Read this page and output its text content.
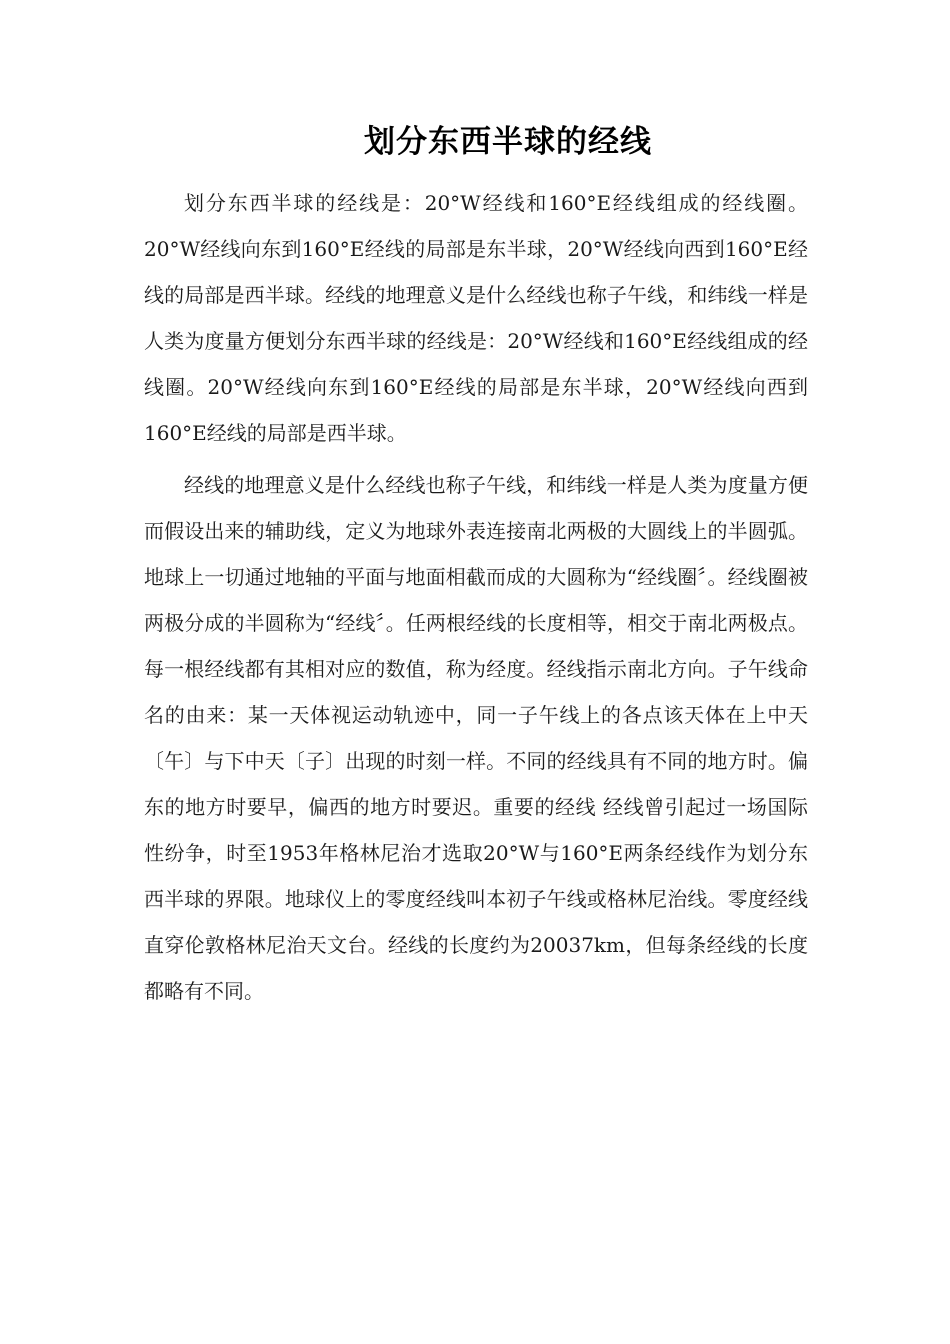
划分东西半球的经线

划分东西半球的经线是：20°W经线和160°E经线组成的经线圈。20°W经线向东到160°E经线的局部是东半球，20°W经线向西到160°E经线的局部是西半球。经线的地理意义是什么经线也称子午线，和纬线一样是人类为度量方便划分东西半球的经线是：20°W经线和160°E经线组成的经线圈。20°W经线向东到160°E经线的局部是东半球，20°W经线向西到160°E经线的局部是西半球。

经线的地理意义是什么经线也称子午线，和纬线一样是人类为度量方便而假设出来的辅助线，定义为地球外表连接南北两极的大圆线上的半圆弧。地球上一切通过地轴的平面与地面相截而成的大圆称为“经线圈〞。经线圈被两极分成的半圆称为“经线〞。任两根经线的长度相等，相交于南北两极点。每一根经线都有其相对应的数值，称为经度。经线指示南北方向。子午线命名的由来：某一天体视运动轨迹中，同一子午线上的各点该天体在上中天〔午〕与下中天〔子〕出现的时刻一样。不同的经线具有不同的地方时。偏东的地方时要早，偏西的地方时要迟。重要的经线 经线曾引起过一场国际性纷争，时至1953年格林尼治才选取20°W与160°E两条经线作为划分东西半球的界限。地球仪上的零度经线叫本初子午线或格林尼治线。零度经线直穿伦敦格林尼治天文台。经线的长度约为20037km，但每条经线的长度都略有不同。
